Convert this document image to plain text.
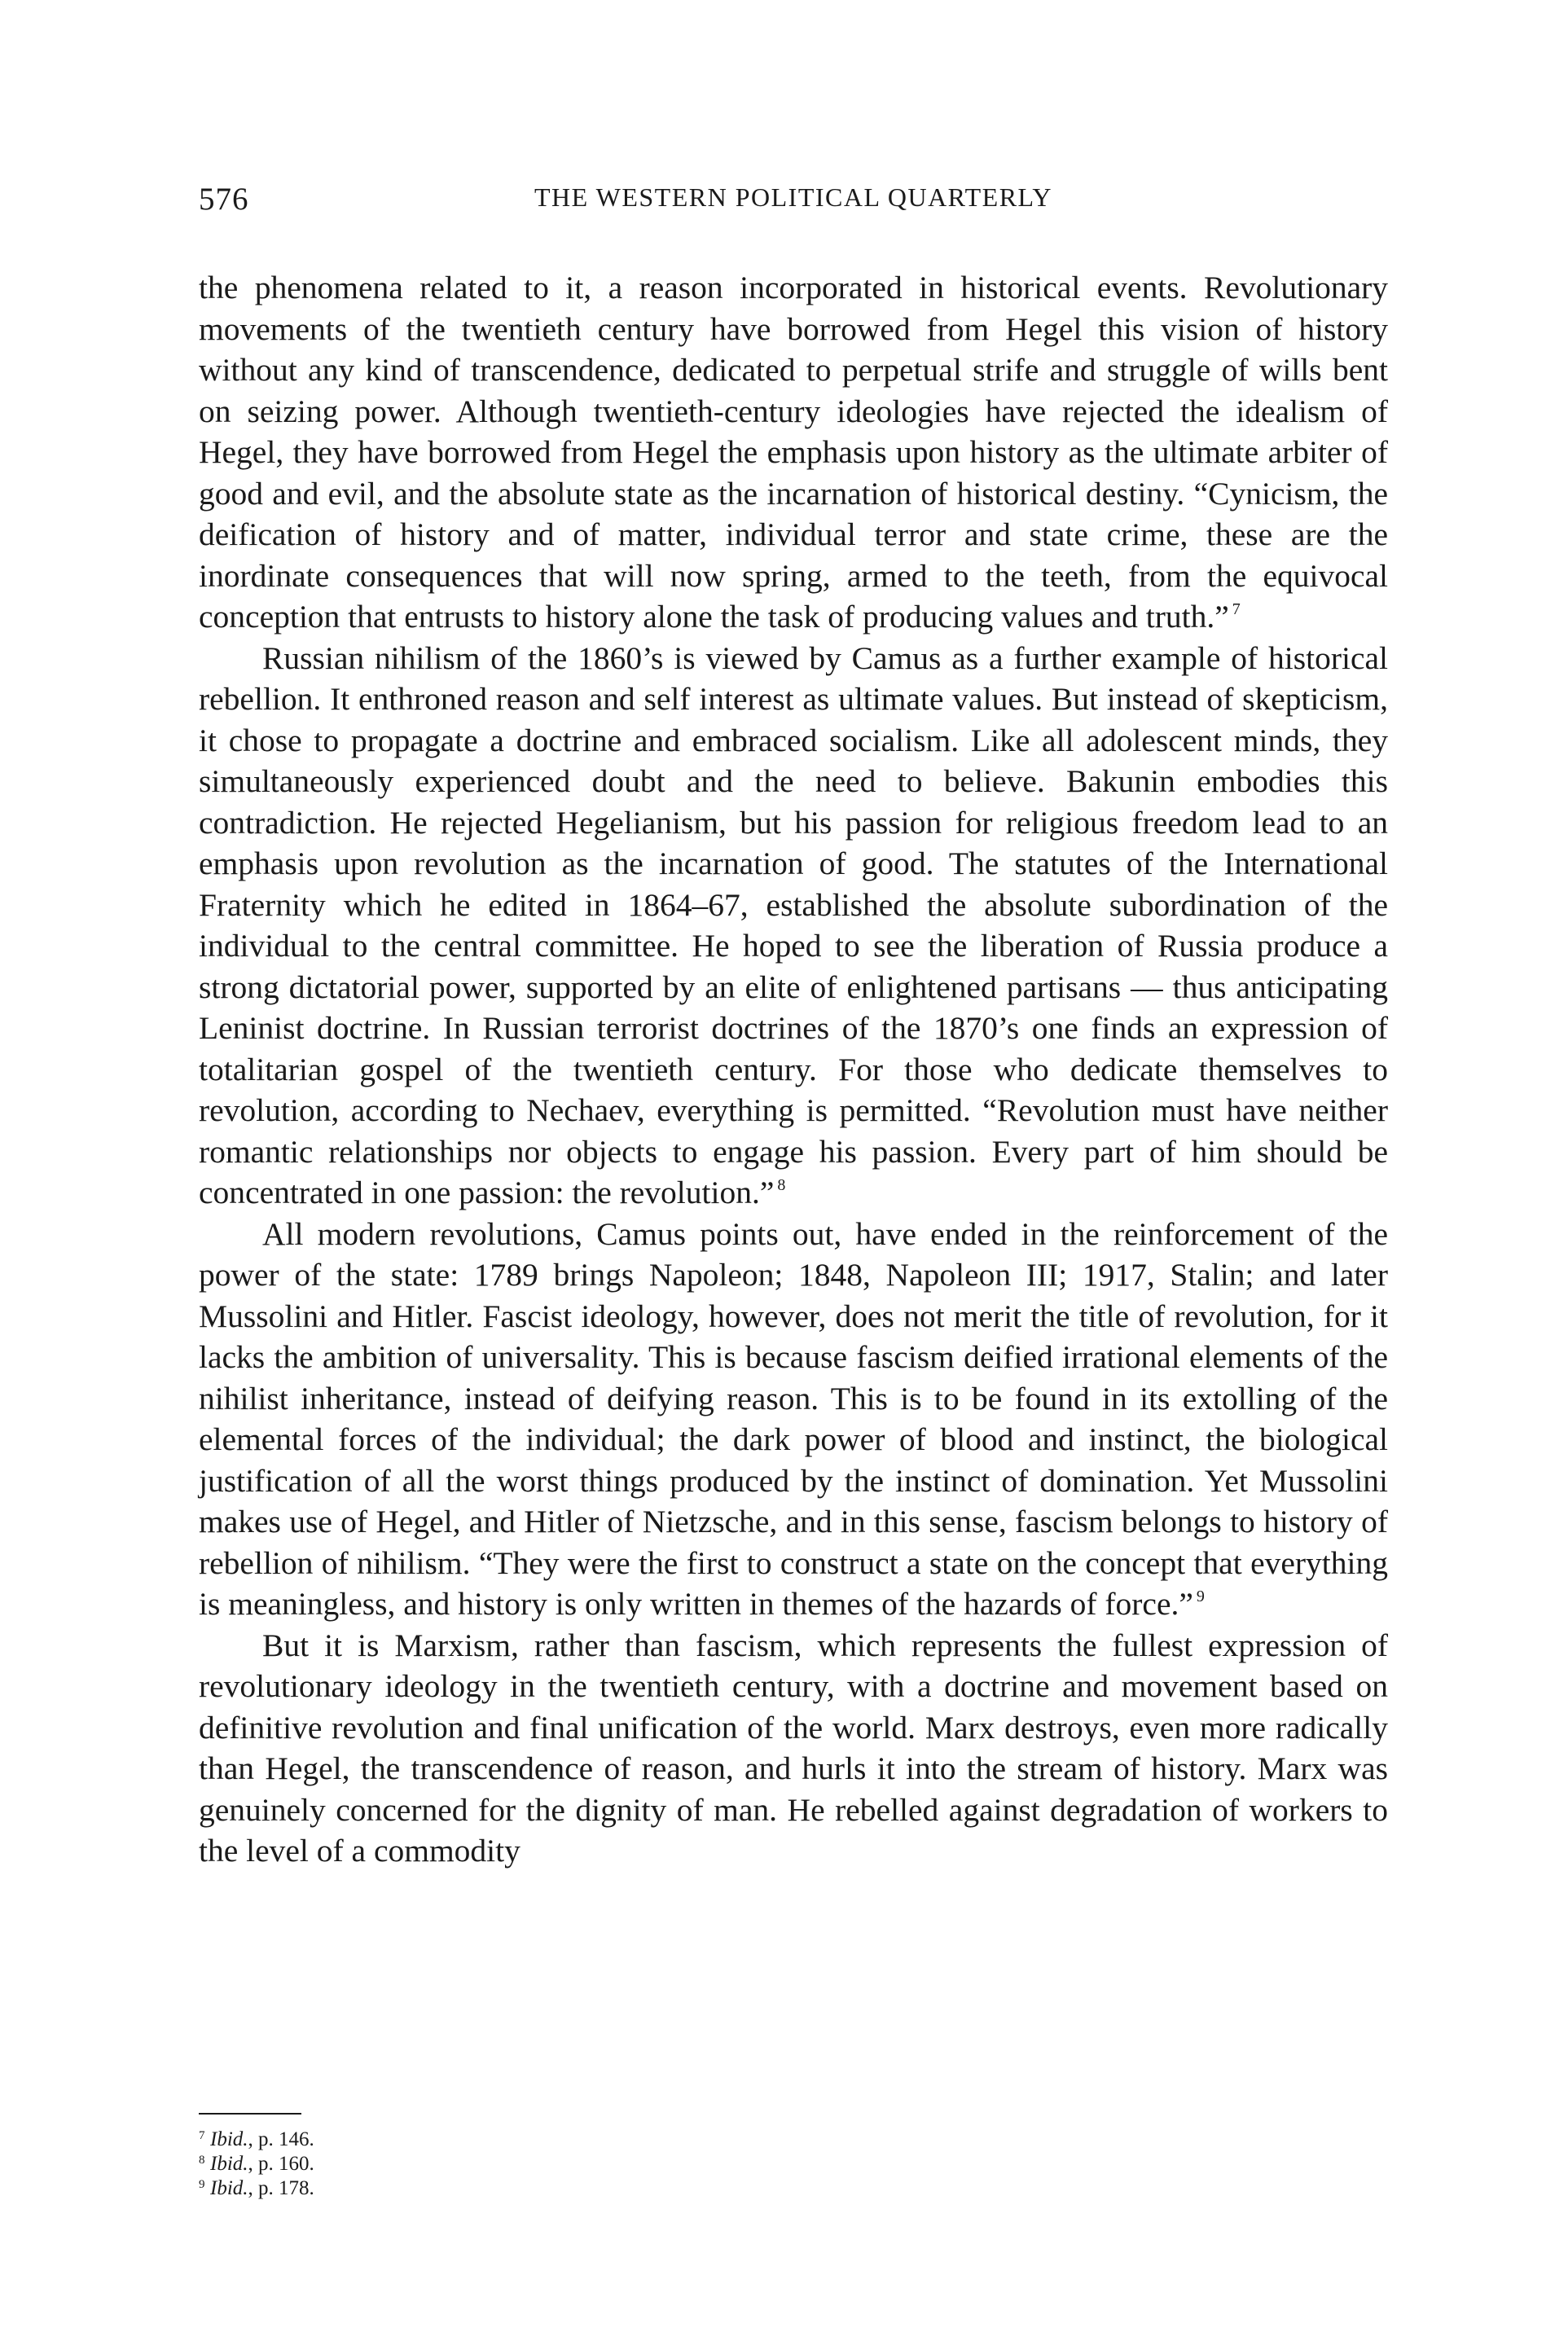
576	THE WESTERN POLITICAL QUARTERLY

the phenomena related to it, a reason incorporated in historical events. Revolutionary movements of the twentieth century have borrowed from Hegel this vision of history without any kind of transcendence, dedicated to perpetual strife and struggle of wills bent on seizing power. Although twentieth-century ideologies have rejected the idealism of Hegel, they have borrowed from Hegel the emphasis upon history as the ultimate arbiter of good and evil, and the absolute state as the incarnation of historical destiny. “Cynicism, the deification of history and of matter, individual terror and state crime, these are the inordinate consequences that will now spring, armed to the teeth, from the equivocal conception that entrusts to history alone the task of producing values and truth.” $^7$

Russian nihilism of the 1860’s is viewed by Camus as a further example of historical rebellion. It enthroned reason and self interest as ultimate values. But instead of skepticism, it chose to propagate a doctrine and embraced socialism. Like all adolescent minds, they simultaneously experienced doubt and the need to believe. Bakunin embodies this contradiction. He rejected Hegelianism, but his passion for religious freedom lead to an emphasis upon revolution as the incarnation of good. The statutes of the International Fraternity which he edited in 1864–67, established the absolute subordination of the individual to the central committee. He hoped to see the liberation of Russia produce a strong dictatorial power, supported by an elite of enlightened partisans — thus anticipating Leninist doctrine. In Russian terrorist doctrines of the 1870’s one finds an expression of totalitarian gospel of the twentieth century. For those who dedicate themselves to revolution, according to Nechaev, everything is permitted. “Revolution must have neither romantic relationships nor objects to engage his passion. Every part of him should be concentrated in one passion: the revolution.” $^8$

All modern revolutions, Camus points out, have ended in the reinforcement of the power of the state: 1789 brings Napoleon; 1848, Napoleon III; 1917, Stalin; and later Mussolini and Hitler. Fascist ideology, however, does not merit the title of revolution, for it lacks the ambition of universality. This is because fascism deified irrational elements of the nihilist inheritance, instead of deifying reason. This is to be found in its extolling of the elemental forces of the individual; the dark power of blood and instinct, the biological justification of all the worst things produced by the instinct of domination. Yet Mussolini makes use of Hegel, and Hitler of Nietzsche, and in this sense, fascism belongs to history of rebellion of nihilism. “They were the first to construct a state on the concept that everything is meaningless, and history is only written in themes of the hazards of force.” $^9$

But it is Marxism, rather than fascism, which represents the fullest expression of revolutionary ideology in the twentieth century, with a doctrine and movement based on definitive revolution and final unification of the world. Marx destroys, even more radically than Hegel, the transcendence of reason, and hurls it into the stream of history. Marx was genuinely concerned for the dignity of man. He rebelled against degradation of workers to the level of a commodity

7 Ibid., p. 146.

8 Ibid., p. 160.

9 Ibid., p. 178.
